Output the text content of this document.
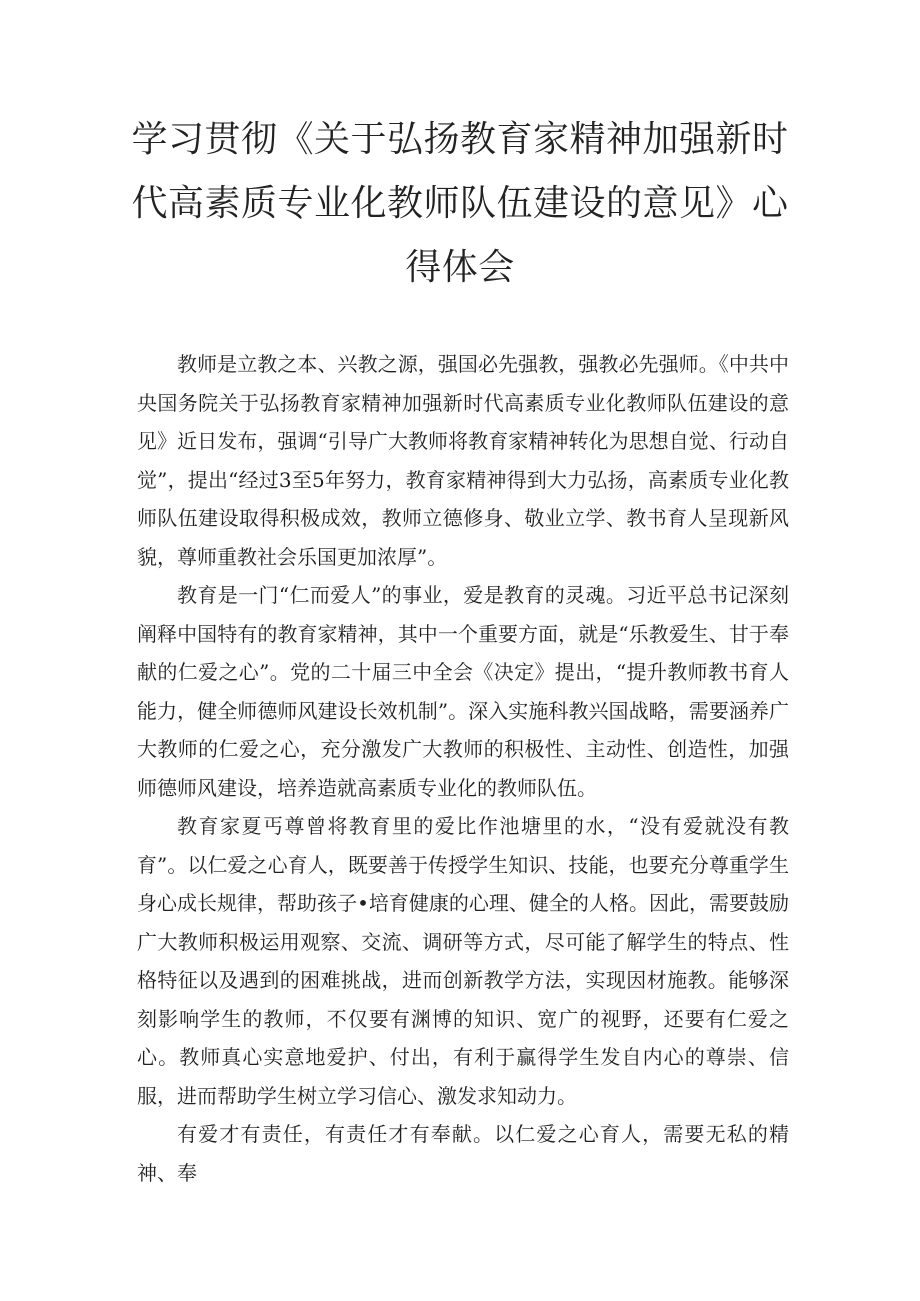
学习贯彻《关于弘扬教育家精神加强新时代高素质专业化教师队伍建设的意见》心得体会

教师是立教之本、兴教之源，强国必先强教，强教必先强师。《中共中央国务院关于弘扬教育家精神加强新时代高素质专业化教师队伍建设的意见》近日发布，强调“引导广大教师将教育家精神转化为思想自觉、行动自觉”，提出“经过3至5年努力，教育家精神得到大力弘扬，高素质专业化教师队伍建设取得积极成效，教师立德修身、敬业立学、教书育人呈现新风貌，尊师重教社会乐国更加浓厚”。

教育是一门“仁而爱人”的事业，爱是教育的灵魂。习近平总书记深刻阐释中国特有的教育家精神，其中一个重要方面，就是“乐教爱生、甘于奉献的仁爱之心”。党的二十届三中全会《决定》提出，“提升教师教书育人能力，健全师德师风建设长效机制”。深入实施科教兴国战略，需要涵养广大教师的仁爱之心，充分激发广大教师的积极性、主动性、创造性，加强师德师风建设，培养造就高素质专业化的教师队伍。

教育家夏丐尊曾将教育里的爱比作池塘里的水，“没有爱就没有教育”。以仁爱之心育人，既要善于传授学生知识、技能，也要充分尊重学生身心成长规律，帮助孩子•培育健康的心理、健全的人格。因此，需要鼓励广大教师积极运用观察、交流、调研等方式，尽可能了解学生的特点、性格特征以及遇到的困难挑战，进而创新教学方法，实现因材施教。能够深刻影响学生的教师，不仅要有渊博的知识、宽广的视野，还要有仁爱之心。教师真心实意地爱护、付出，有利于赢得学生发自内心的尊崇、信服，进而帮助学生树立学习信心、激发求知动力。

有爱才有责任，有责任才有奉献。以仁爱之心育人，需要无私的精神、奉
